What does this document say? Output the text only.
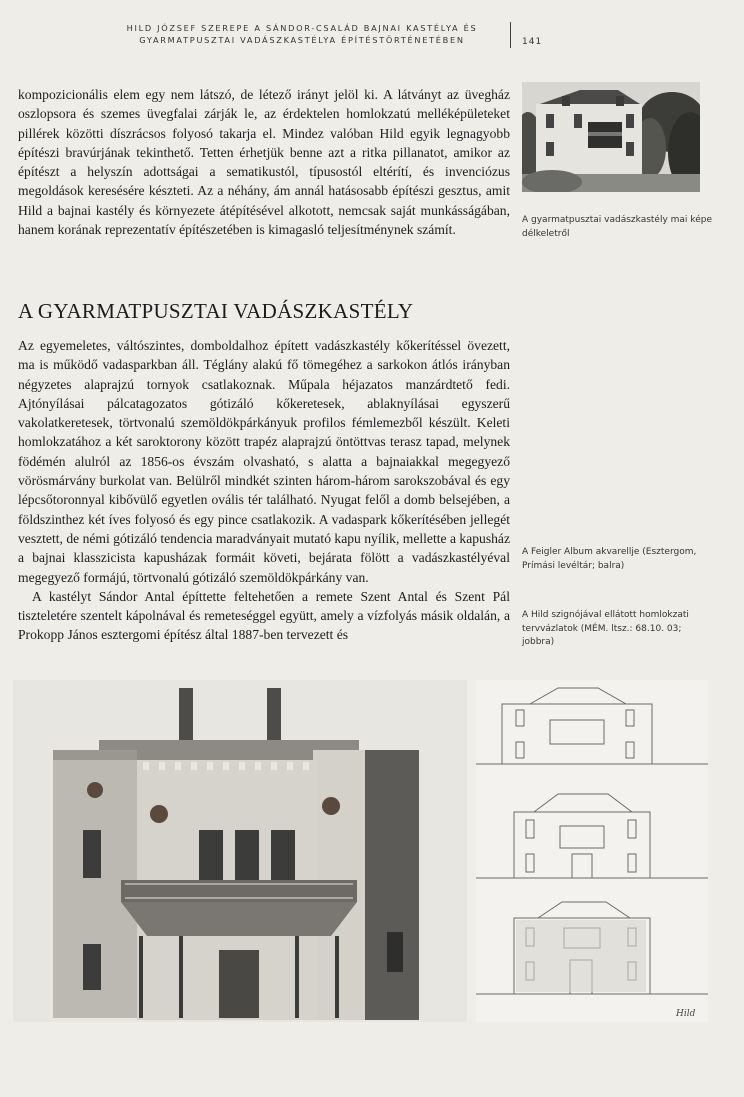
HILD JÓZSEF SZEREPE A SÁNDOR-CSALÁD BAJNAI KASTÉLYA ÉS
GYARMATPUSZTAI VADÁSZKASTÉLYA ÉPÍTÉSTÖRTÉNETÉBEN	141

kompozicionális elem egy nem látszó, de létező irányt jelöl ki. A látványt az üvegház oszlopsora és szemes üvegfalai zárják le, az érdektelen homlokzatú melléképületeket pillérek közötti díszrácsos folyosó takarja el. Mindez valóban Hild egyik legnagyobb építészi bravúrjának tekinthető. Tetten érhetjük benne azt a ritka pillanatot, amikor az építészt a helyszín adottságai a sematikustól, típusostól eltérítí, és invenciózus megoldások keresésére készteti. Az a néhány, ám annál hatásosabb építészi gesztus, amit Hild a bajnai kastély és környezete átépítésével alkotott, nemcsak saját munkásságában, hanem korának reprezentatív építészetében is kimagasló teljesítménynek számít.

A gyarmatpusztai vadászkastély mai képe délkeletről
A GYARMATPUSZTAI VADÁSZKASTÉLY

Az egyemeletes, váltószintes, domboldalhoz épített vadászkastély kőkerítéssel övezett, ma is működő vadasparkban áll. Téglány alakú fő tömegéhez a sarkokon átlós irányban négyzetes alaprajzú tornyok csatlakoznak. Műpala héjazatos manzárdtető fedi. Ajtónyílásai pálcatagozatos gótizáló kőkeretesek, ablaknyílásai egyszerű vakolatkeretesek, törtvonalú szemöldökpárkányuk profilos fémlemezből készült. Keleti homlokzatához a két saroktorony között trapéz alaprajzú öntöttvas terasz tapad, melynek födémén alulról az 1856-os évszám olvasható, s alatta a bajnaiakkal megegyező vörösmárvány burkolat van. Belülről mindkét szinten három-három sarokszobával és egy lépcsőtoronnyal kibővülő egyetlen ovális tér található. Nyugat felől a domb belsejében, a földszinthez két íves folyosó és egy pince csatlakozik. A vadaspark kőkerítésében jellegét vesztett, de némi gótizáló tendencia maradványait mutató kapu nyílik, mellette a kapusház a bajnai klasszicista kapusházak formáit követi, bejárata fölött a vadászkastélyéval megegyező formájú, törtvonalú gótizáló szemöldökpárkány van.

A kastélyt Sándor Antal építtette feltehetően a remete Szent Antal és Szent Pál tiszteletére szentelt kápolnával és remeteséggel együtt, amely a vízfolyás másik oldalán, a Prokopp János esztergomi építész által 1887-ben tervezett és

A Feigler Album akvarellje (Esztergom, Prímási levéltár; balra)
A Hild szignójával ellátott homlokzati tervvázlatok (MÉM. ltsz.: 68.10. 03; jobbra)
Hild
